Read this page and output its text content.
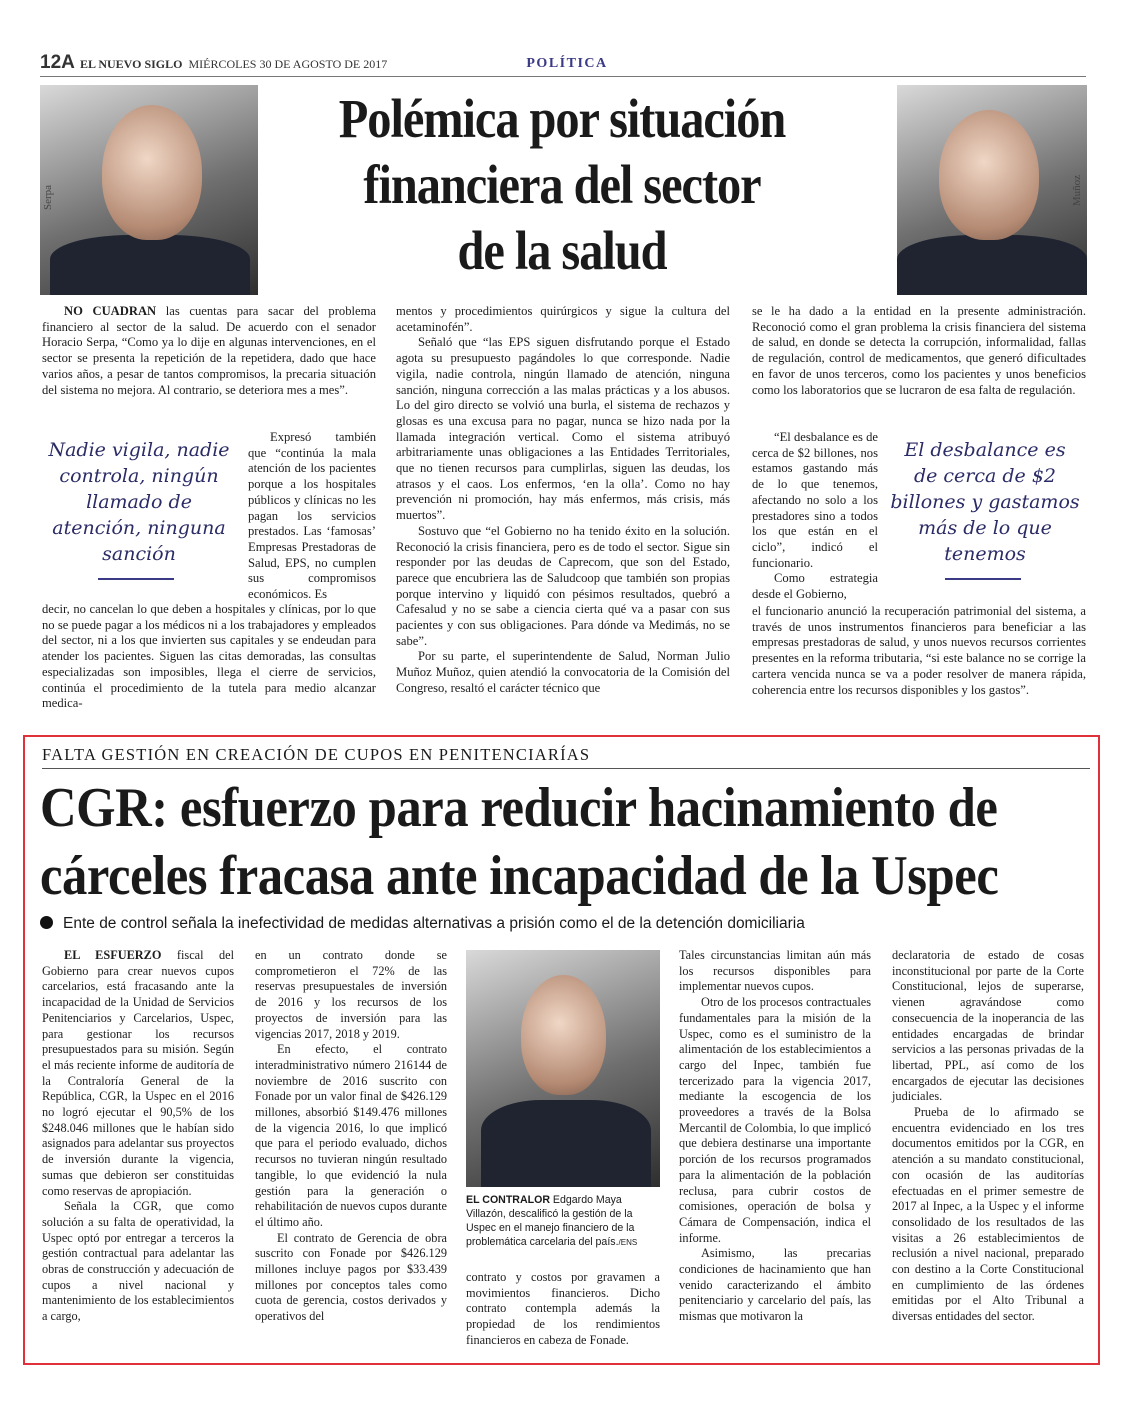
12A EL NUEVO SIGLO MIÉRCOLES 30 DE AGOSTO DE 2017	POLÍTICA
Serpa	Muñoz
Polémica por situación
financiera del sector
de la salud

NO CUADRAN las cuentas para sacar del problema financiero al sector de la salud. De acuerdo con el senador Horacio Serpa, “Como ya lo dije en algunas intervenciones, en el sector se presenta la repetición de la repetidera, dado que hace varios años, a pesar de tantos compromisos, la precaria situación del sistema no mejora. Al contrario, se deteriora mes a mes”.

Expresó también que “continúa la mala atención de los pacientes porque a los hospitales públicos y clínicas no les pagan los servicios prestados. Las ‘famosas’ Empresas Prestadoras de Salud, EPS, no cumplen sus compromisos económicos. Es

decir, no cancelan lo que deben a hospitales y clínicas, por lo que no se puede pagar a los médicos ni a los trabajadores y empleados del sector, ni a los que invierten sus capitales y se endeudan para atender los pacientes. Siguen las citas demoradas, las consultas especializadas son imposibles, llega el cierre de servicios, continúa el procedimiento de la tutela para medio alcanzar medica-

Nadie vigila, nadie controla, ningún llamado de atención, ninguna sanción

mentos y procedimientos quirúrgicos y sigue la cultura del acetaminofén”.

Señaló que “las EPS siguen disfrutando porque el Estado agota su presupuesto pagándoles lo que corresponde. Nadie vigila, nadie controla, ningún llamado de atención, ninguna sanción, ninguna corrección a las malas prácticas y a los abusos. Lo del giro directo se volvió una burla, el sistema de rechazos y glosas es una excusa para no pagar, nunca se hizo nada por la llamada integración vertical. Como el sistema atribuyó arbitrariamente unas obligaciones a las Entidades Territoriales, que no tienen recursos para cumplirlas, siguen las deudas, los atrasos y el caos. Los enfermos, ‘en la olla’. Como no hay prevención ni promoción, hay más enfermos, más crisis, más muertos”.

Sostuvo que “el Gobierno no ha tenido éxito en la solución. Reconoció la crisis financiera, pero es de todo el sector. Sigue sin responder por las deudas de Caprecom, que son del Estado, parece que encubriera las de Saludcoop que también son propias porque intervino y liquidó con pésimos resultados, quebró a Cafesalud y no se sabe a ciencia cierta qué va a pasar con sus pacientes y con sus obligaciones. Para dónde va Medimás, no se sabe”.

Por su parte, el superintendente de Salud, Norman Julio Muñoz Muñoz, quien atendió la convocatoria de la Comisión del Congreso, resaltó el carácter técnico que

se le ha dado a la entidad en la presente administración. Reconoció como el gran problema la crisis financiera del sistema de salud, en donde se detecta la corrupción, informalidad, fallas de regulación, control de medicamentos, que generó dificultades en favor de unos terceros, como los pacientes y unos beneficios como los laboratorios que se lucraron de esa falta de regulación.

“El desbalance es de cerca de $2 billones, nos estamos gastando más de lo que tenemos, afectando no solo a los prestadores sino a todos los que están en el ciclo”, indicó el funcionario.

Como estrategia desde el Gobierno,

el funcionario anunció la recuperación patrimonial del sistema, a través de unos instrumentos financieros para beneficiar a las empresas prestadoras de salud, y unos nuevos recursos corrientes presentes en la reforma tributaria, “si este balance no se corrige la cartera vencida nunca se va a poder resolver de manera rápida, coherencia entre los recursos disponibles y los gastos”.

El desbalance es de cerca de $2 billones y gastamos más de lo que tenemos
FALTA GESTIÓN EN CREACIÓN DE CUPOS EN PENITENCIARÍAS
CGR: esfuerzo para reducir hacinamiento de
cárceles fracasa ante incapacidad de la Uspec
Ente de control señala la inefectividad de medidas alternativas a prisión como el de la detención domiciliaria

EL ESFUERZO fiscal del Gobierno para crear nuevos cupos carcelarios, está fracasando ante la incapacidad de la Unidad de Servicios Penitenciarios y Carcelarios, Uspec, para gestionar los recursos presupuestados para su misión. Según el más reciente informe de auditoría de la Contraloría General de la República, CGR, la Uspec en el 2016 no logró ejecutar el 90,5% de los $248.046 millones que le habían sido asignados para adelantar sus proyectos de inversión durante la vigencia, sumas que debieron ser constituidas como reservas de apropiación.

Señala la CGR, que como solución a su falta de operatividad, la Uspec optó por entregar a terceros la gestión contractual para adelantar las obras de construcción y adecuación de cupos a nivel nacional y mantenimiento de los establecimientos a cargo,

en un contrato donde se comprometieron el 72% de las reservas presupuestales de inversión de 2016 y los recursos de los proyectos de inversión para las vigencias 2017, 2018 y 2019.

En efecto, el contrato interadministrativo número 216144 de noviembre de 2016 suscrito con Fonade por un valor final de $426.129 millones, absorbió $149.476 millones de la vigencia 2016, lo que implicó que para el periodo evaluado, dichos recursos no tuvieran ningún resultado tangible, lo que evidenció la nula gestión para la generación o rehabilitación de nuevos cupos durante el último año.

El contrato de Gerencia de obra suscrito con Fonade por $426.129 millones incluye pagos por $33.439 millones por conceptos tales como cuota de gerencia, costos derivados y operativos del

EL CONTRALOR Edgardo Maya Villazón, descalificó la gestión de la Uspec en el manejo financiero de la problemática carcelaria del país./ENS

contrato y costos por gravamen a movimientos financieros. Dicho contrato contempla además la propiedad de los rendimientos financieros en cabeza de Fonade.

Tales circunstancias limitan aún más los recursos disponibles para implementar nuevos cupos.

Otro de los procesos contractuales fundamentales para la misión de la Uspec, como es el suministro de la alimentación de los establecimientos a cargo del Inpec, también fue tercerizado para la vigencia 2017, mediante la escogencia de los proveedores a través de la Bolsa Mercantil de Colombia, lo que implicó que debiera destinarse una importante porción de los recursos programados para la alimentación de la población reclusa, para cubrir costos de comisiones, operación de bolsa y Cámara de Compensación, indica el informe.

Asimismo, las precarias condiciones de hacinamiento que han venido caracterizando el ámbito penitenciario y carcelario del país, las mismas que motivaron la

declaratoria de estado de cosas inconstitucional por parte de la Corte Constitucional, lejos de superarse, vienen agravándose como consecuencia de la inoperancia de las entidades encargadas de brindar servicios a las personas privadas de la libertad, PPL, así como de los encargados de ejecutar las decisiones judiciales.

Prueba de lo afirmado se encuentra evidenciado en los tres documentos emitidos por la CGR, en atención a su mandato constitucional, con ocasión de las auditorías efectuadas en el primer semestre de 2017 al Inpec, a la Uspec y el informe consolidado de los resultados de las visitas a 26 establecimientos de reclusión a nivel nacional, preparado con destino a la Corte Constitucional en cumplimiento de las órdenes emitidas por el Alto Tribunal a diversas entidades del sector.
